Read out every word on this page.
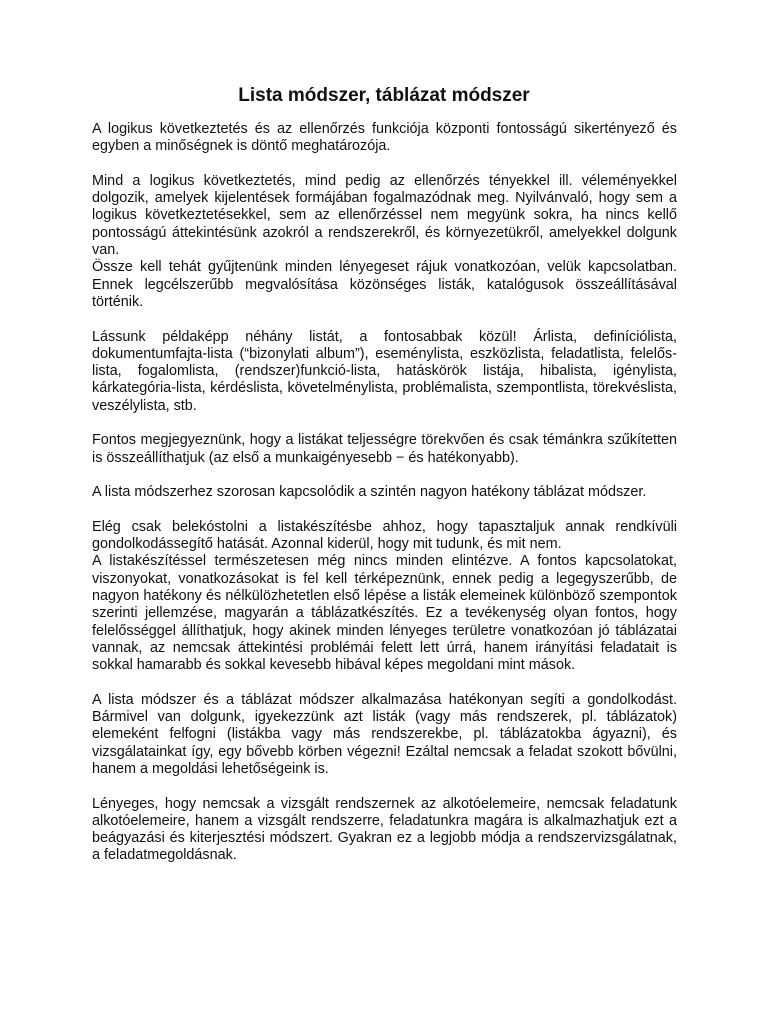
Lista módszer, táblázat módszer

A logikus következtetés és az ellenőrzés funkciója központi fontosságú sikertényező és egyben a minőségnek is döntő meghatározója.

Mind a logikus következtetés, mind pedig az ellenőrzés tényekkel ill. véleményekkel dolgozik, amelyek kijelentések formájában fogalmazódnak meg. Nyilvánvaló, hogy sem a logikus következtetésekkel, sem az ellenőrzéssel nem megyünk sokra, ha nincs kellő pontosságú áttekintésünk azokról a rendszerekről, és környezetükről, amelyekkel dolgunk van.

Össze kell tehát gyűjtenünk minden lényegeset rájuk vonatkozóan, velük kapcsolatban. Ennek legcélszerűbb megvalósítása közönséges listák, katalógusok összeállításával történik.

Lássunk példaképp néhány listát, a fontosabbak közül! Árlista, definíciólista, dokumentumfajta-lista (“bizonylati album”), eseménylista, eszközlista, feladatlista, felelős- lista, fogalomlista, (rendszer)funkció-lista, hatáskörök listája, hibalista, igénylista, kárkategória-lista, kérdéslista, követelménylista, problémalista, szempontlista, törekvéslista, veszélylista, stb.

Fontos megjegyeznünk, hogy a listákat teljességre törekvően és csak témánkra szűkítetten is összeállíthatjuk (az első a munkaigényesebb − és hatékonyabb).

A lista módszerhez szorosan kapcsolódik a szintén nagyon hatékony táblázat módszer.

Elég csak belekóstolni a listakészítésbe ahhoz, hogy tapasztaljuk annak rendkívüli gondolkodássegítő hatását. Azonnal kiderül, hogy mit tudunk, és mit nem.

A listakészítéssel természetesen még nincs minden elintézve. A fontos kapcsolatokat, viszonyokat, vonatkozásokat is fel kell térképeznünk, ennek pedig a legegyszerűbb, de nagyon hatékony és nélkülözhetetlen első lépése a listák elemeinek különböző szempontok szerinti jellemzése, magyarán a táblázatkészítés. Ez a tevékenység olyan fontos, hogy felelősséggel állíthatjuk, hogy akinek minden lényeges területre vonatkozóan jó táblázatai vannak, az nemcsak áttekintési problémái felett lett úrrá, hanem irányítási feladatait is sokkal hamarabb és sokkal kevesebb hibával képes megoldani mint mások.

A lista módszer és a táblázat módszer alkalmazása hatékonyan segíti a gondolkodást. Bármivel van dolgunk, igyekezzünk azt listák (vagy más rendszerek, pl. táblázatok) elemeként felfogni (listákba vagy más rendszerekbe, pl. táblázatokba ágyazni), és vizsgálatainkat így, egy bővebb körben végezni! Ezáltal nemcsak a feladat szokott bővülni, hanem a megoldási lehetőségeink is.

Lényeges, hogy nemcsak a vizsgált rendszernek az alkotóelemeire, nemcsak feladatunk alkotóelemeire, hanem a vizsgált rendszerre, feladatunkra magára is alkalmazhatjuk ezt a beágyazási és kiterjesztési módszert. Gyakran ez a legjobb módja a rendszervizsgálatnak, a feladatmegoldásnak.
